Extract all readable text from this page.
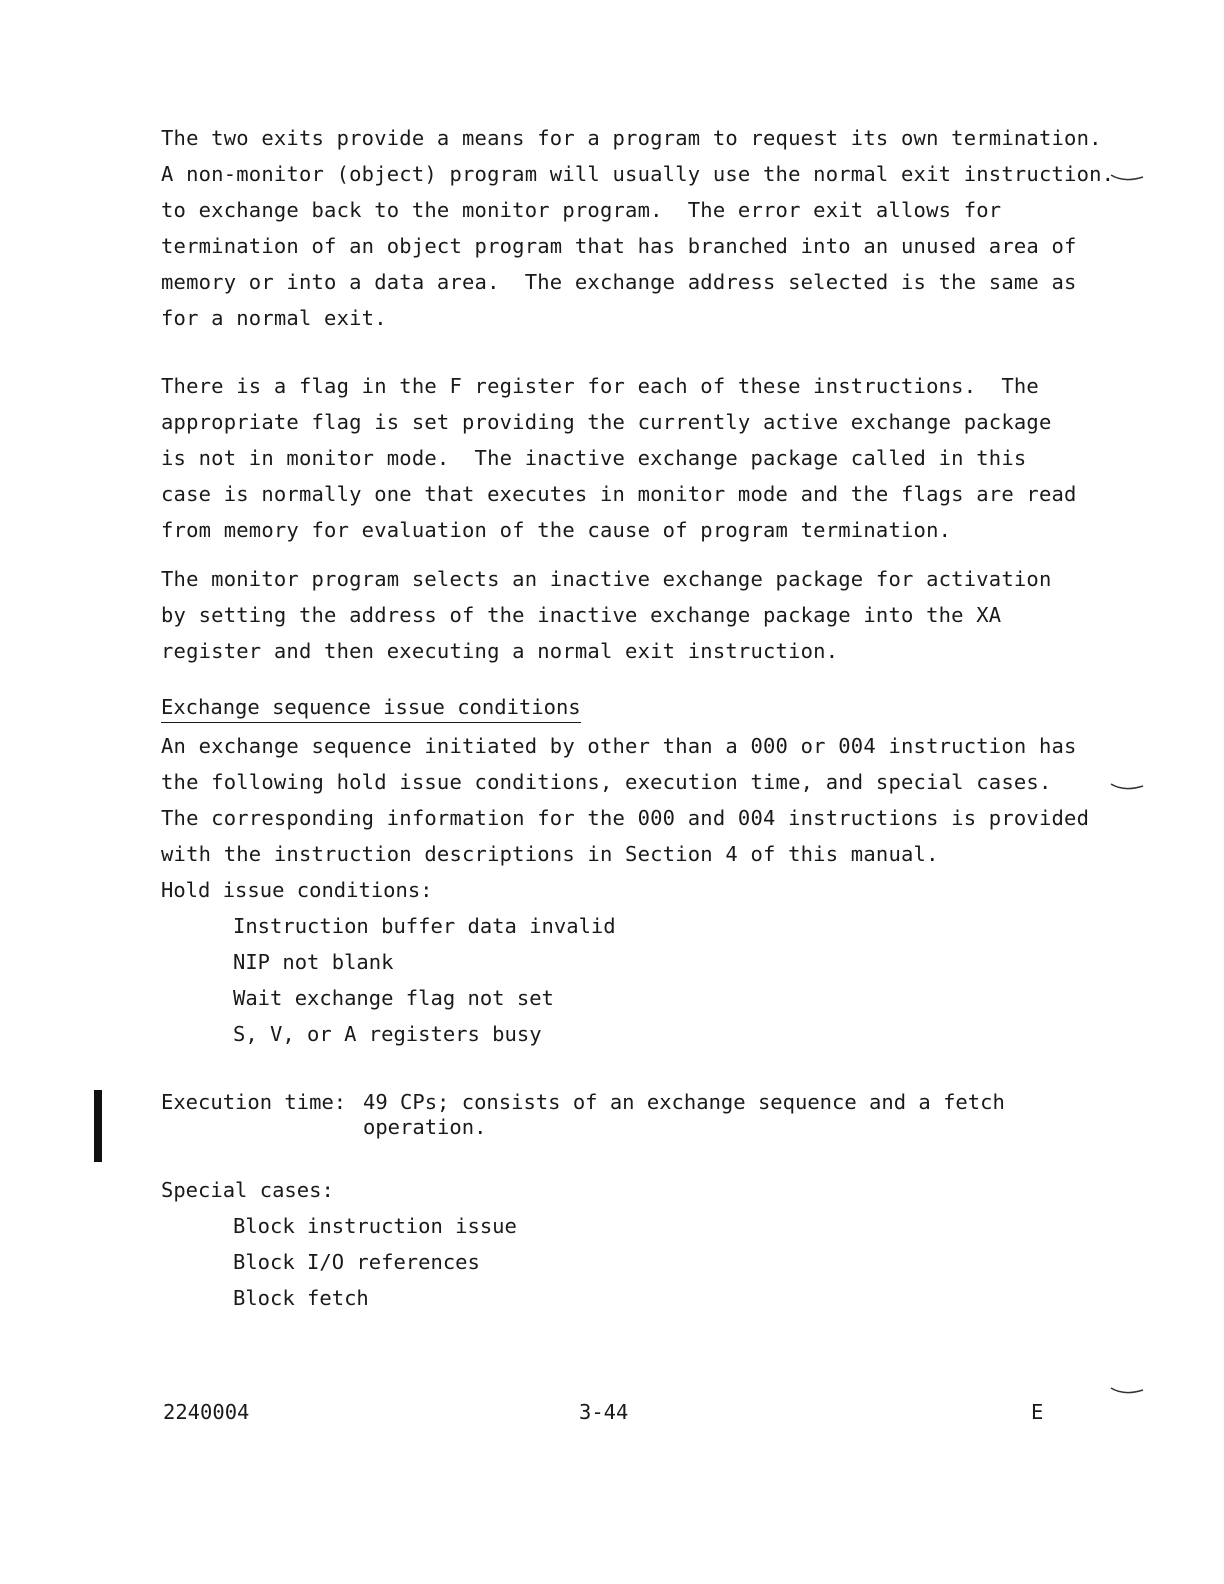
The two exits provide a means for a program to request its own termination.
A non-monitor (object) program will usually use the normal exit instruction.
to exchange back to the monitor program.  The error exit allows for
termination of an object program that has branched into an unused area of
memory or into a data area.  The exchange address selected is the same as
for a normal exit.
There is a flag in the F register for each of these instructions.  The
appropriate flag is set providing the currently active exchange package
is not in monitor mode.  The inactive exchange package called in this
case is normally one that executes in monitor mode and the flags are read
from memory for evaluation of the cause of program termination.
The monitor program selects an inactive exchange package for activation
by setting the address of the inactive exchange package into the XA
register and then executing a normal exit instruction.
Exchange sequence issue conditions
An exchange sequence initiated by other than a 000 or 004 instruction has
the following hold issue conditions, execution time, and special cases.
The corresponding information for the 000 and 004 instructions is provided
with the instruction descriptions in Section 4 of this manual.
Hold issue conditions:
Instruction buffer data invalid
NIP not blank
Wait exchange flag not set
S, V, or A registers busy
Execution time: 49 CPs; consists of an exchange sequence and a fetch
operation.
Special cases:
Block instruction issue
Block I/O references
Block fetch
2240004	3-44	E
